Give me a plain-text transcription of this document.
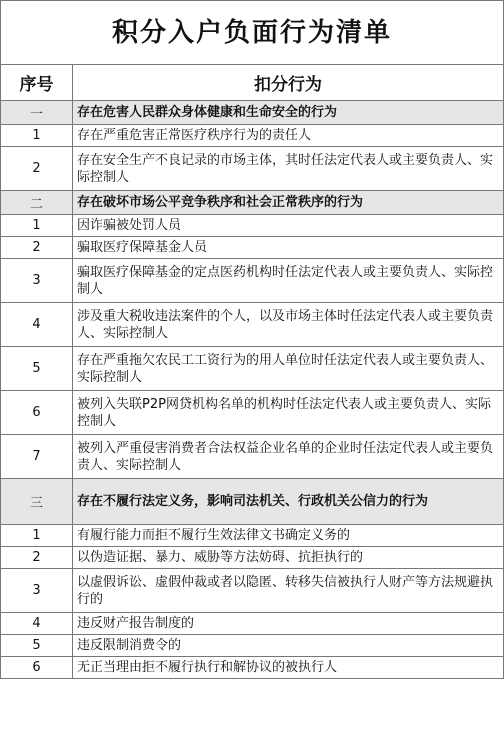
积分入户负面行为清单
序号	扣分行为
一	存在危害人民群众身体健康和生命安全的行为
1	存在严重危害正常医疗秩序行为的责任人
2	存在安全生产不良记录的市场主体，其时任法定代表人或主要负责人、实际控制人
二	存在破坏市场公平竞争秩序和社会正常秩序的行为
1	因诈骗被处罚人员
2	骗取医疗保障基金人员
3	骗取医疗保障基金的定点医药机构时任法定代表人或主要负责人、实际控制人
4	涉及重大税收违法案件的个人，以及市场主体时任法定代表人或主要负责人、实际控制人
5	存在严重拖欠农民工工资行为的用人单位时任法定代表人或主要负责人、实际控制人
6	被列入失联P2P网贷机构名单的机构时任法定代表人或主要负责人、实际控制人
7	被列入严重侵害消费者合法权益企业名单的企业时任法定代表人或主要负责人、实际控制人
三	存在不履行法定义务，影响司法机关、行政机关公信力的行为
1	有履行能力而拒不履行生效法律文书确定义务的
2	以伪造证据、暴力、威胁等方法妨碍、抗拒执行的
3	以虚假诉讼、虚假仲裁或者以隐匿、转移失信被执行人财产等方法规避执行的
4	违反财产报告制度的
5	违反限制消费令的
6	无正当理由拒不履行执行和解协议的被执行人
